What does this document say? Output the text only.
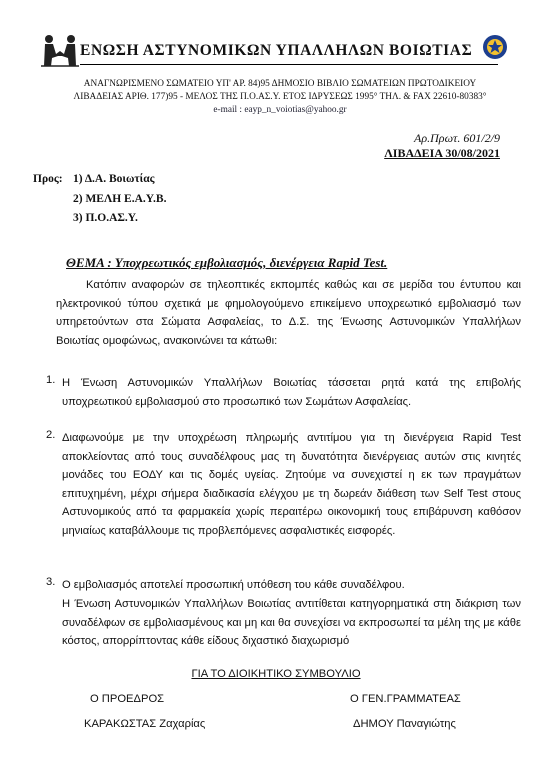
ΕΝΩΣΗ ΑΣΤΥΝΟΜΙΚΩΝ ΥΠΑΛΛΗΛΩΝ ΒΟΙΩΤΙΑΣ
ΑΝΑΓΝΩΡΙΣΜΕΝΟ ΣΩΜΑΤΕΙΟ ΥΠ' ΑΡ. 84)95 ΔΗΜΟΣΙΟ ΒΙΒΛΙΟ ΣΩΜΑΤΕΙΩΝ ΠΡΩΤΟΔΙΚΕΙΟΥ
ΛΙΒΑΔΕΙΑΣ ΑΡΙΘ. 177)95 - ΜΕΛΟΣ ΤΗΣ Π.Ο.ΑΣ.Υ. ΕΤΟΣ ΙΔΡΥΣΕΩΣ 1995° ΤΗΛ. & FAX 22610-80383°
e-mail : eayp_n_voiotias@yahoo.gr
Αρ.Πρωτ. 601/2/9
ΛΙΒΑΔΕΙΑ 30/08/2021
Προς: 1) Δ.Α. Βοιωτίας
2) ΜΕΛΗ Ε.Α.Υ.Β.
3) Π.Ο.ΑΣ.Υ.
ΘΕΜΑ : Υποχρεωτικός εμβολιασμός, διενέργεια Rapid Test.
Κατόπιν αναφορών σε τηλεοπτικές εκπομπές καθώς και σε μερίδα του έντυπου και ηλεκτρονικού τύπου σχετικά με φημολογούμενο επικείμενο υποχρεωτικό εμβολιασμό των υπηρετούντων στα Σώματα Ασφαλείας, το Δ.Σ. της Ένωσης Αστυνομικών Υπαλλήλων Βοιωτίας ομοφώνως, ανακοινώνει τα κάτωθι:
1. Η Ένωση Αστυνομικών Υπαλλήλων Βοιωτίας τάσσεται ρητά κατά της επιβολής υποχρεωτικού εμβολιασμού στο προσωπικό των Σωμάτων Ασφαλείας.
2. Διαφωνούμε με την υποχρέωση πληρωμής αντιτίμου για τη διενέργεια Rapid Test αποκλείοντας από τους συναδέλφους μας τη δυνατότητα διενέργειας αυτών στις κινητές μονάδες του ΕΟΔΥ και τις δομές υγείας. Ζητούμε να συνεχιστεί η εκ των πραγμάτων επιτυχημένη, μέχρι σήμερα διαδικασία ελέγχου με τη δωρεάν διάθεση των Self Test στους Αστυνομικούς από τα φαρμακεία χωρίς περαιτέρω οικονομική τους επιβάρυνση καθόσον μηνιαίως καταβάλλουμε τις προβλεπόμενες ασφαλιστικές εισφορές.
3. Ο εμβολιασμός αποτελεί προσωπική υπόθεση του κάθε συναδέλφου.
Η Ένωση Αστυνομικών Υπαλλήλων Βοιωτίας αντιτίθεται κατηγορηματικά στη διάκριση των συναδέλφων σε εμβολιασμένους και μη και θα συνεχίσει να εκπροσωπεί τα μέλη της με κάθε κόστος, απορρίπτοντας κάθε είδους διχαστικό διαχωρισμό
ΓΙΑ ΤΟ ΔΙΟΙΚΗΤΙΚΟ ΣΥΜΒΟΥΛΙΟ
Ο ΠΡΟΕΔΡΟΣ
ΚΑΡΑΚΩΣΤΑΣ Ζαχαρίας
Ο ΓΕΝ.ΓΡΑΜΜΑΤΕΑΣ
ΔΗΜΟΥ Παναγιώτης
